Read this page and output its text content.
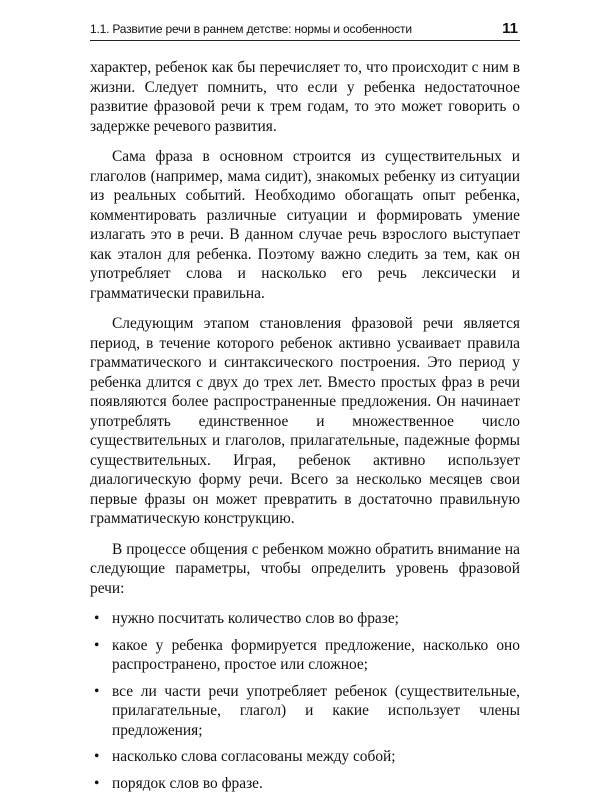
1.1. Развитие речи в раннем детстве: нормы и особенности	11

характер, ребенок как бы перечисляет то, что происходит с ним в жизни. Следует помнить, что если у ребенка недостаточное развитие фразовой речи к трем годам, то это может говорить о задержке речевого развития.

Сама фраза в основном строится из существительных и глаголов (например, мама сидит), знакомых ребенку из ситуации из реальных событий. Необходимо обогащать опыт ребенка, комментировать различные ситуации и формировать умение излагать это в речи. В данном случае речь взрослого выступает как эталон для ребенка. Поэтому важно следить за тем, как он употребляет слова и насколько его речь лексически и грамматически правильна.

Следующим этапом становления фразовой речи является период, в течение которого ребенок активно усваивает правила грамматического и синтаксического построения. Это период у ребенка длится с двух до трех лет. Вместо простых фраз в речи появляются более распространенные предложения. Он начинает употреблять единственное и множественное число существительных и глаголов, прилагательные, падежные формы существительных. Играя, ребенок активно использует диалогическую форму речи. Всего за несколько месяцев свои первые фразы он может превратить в достаточно правильную грамматическую конструкцию.

В процессе общения с ребенком можно обратить внимание на следующие параметры, чтобы определить уровень фразовой речи:

• нужно посчитать количество слов во фразе;
• какое у ребенка формируется предложение, насколько оно распространено, простое или сложное;
• все ли части речи употребляет ребенок (существительные, прилагательные, глагол) и какие использует члены предложения;
• насколько слова согласованы между собой;
• порядок слов во фразе.
